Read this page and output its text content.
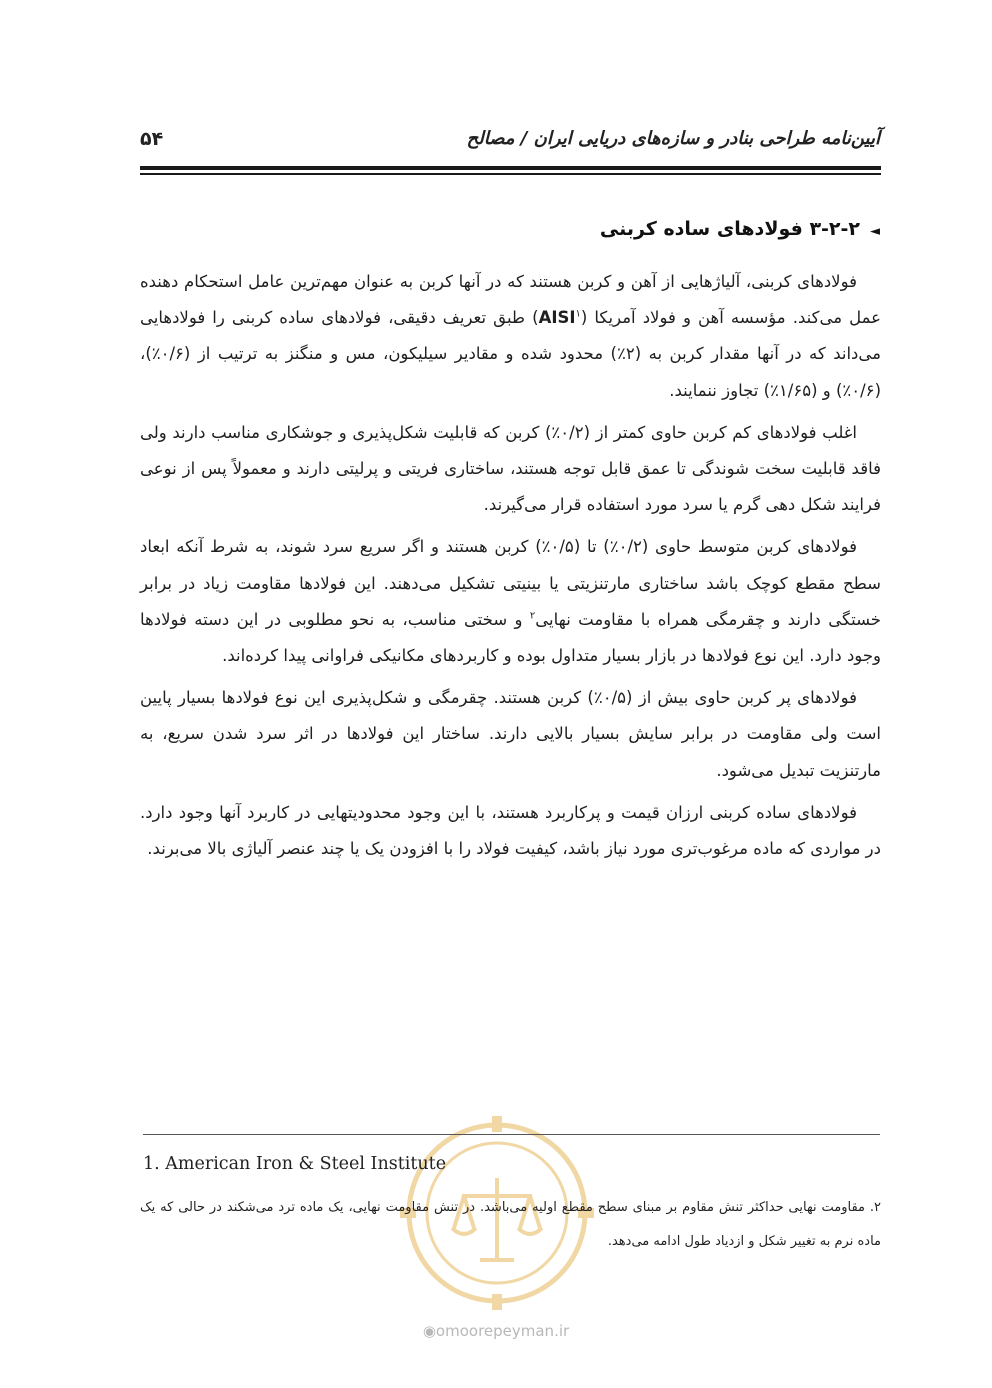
آیین‌نامه طراحی بنادر و سازه‌های دریایی ایران / مصالح
۵۴
◄۳-۲-۲ فولادهای ساده کربنی

فولادهای کربنی، آلیاژهایی از آهن و کربن هستند که در آنها کربن به عنوان مهم‌ترین عامل استحکام دهنده عمل می‌کند. مؤسسه آهن و فولاد آمریکا (AISI$^۱$) طبق تعریف دقیقی، فولادهای ساده کربنی را فولادهایی می‌داند که در آنها مقدار کربن به (۲٪) محدود شده و مقادیر سیلیکون، مس و منگنز به ترتیب از (۰/۶٪)، (۰/۶٪) و (۱/۶۵٪) تجاوز ننمایند.

اغلب فولادهای کم کربن حاوی کمتر از (۰/۲٪) کربن که قابلیت شکل‌پذیری و جوشکاری مناسب دارند ولی فاقد قابلیت سخت شوندگی تا عمق قابل توجه هستند، ساختاری فریتی و پرلیتی دارند و معمولاً پس از نوعی فرایند شکل دهی گرم یا سرد مورد استفاده قرار می‌گیرند.

فولادهای کربن متوسط حاوی (۰/۲٪) تا (۰/۵٪) کربن هستند و اگر سریع سرد شوند، به شرط آنکه ابعاد سطح مقطع کوچک باشد ساختاری مارتنزیتی یا بینیتی تشکیل می‌دهند. این فولادها مقاومت زیاد در برابر خستگی دارند و چقرمگی همراه با مقاومت نهایی$^۲$ و سختی مناسب، به نحو مطلوبی در این دسته فولادها وجود دارد. این نوع فولادها در بازار بسیار متداول بوده و کاربردهای مکانیکی فراوانی پیدا کرده‌اند.

فولادهای پر کربن حاوی بیش از (۰/۵٪) کربن هستند. چقرمگی و شکل‌پذیری این نوع فولادها بسیار پایین است ولی مقاومت در برابر سایش بسیار بالایی دارند. ساختار این فولادها در اثر سرد شدن سریع، به مارتنزیت تبدیل می‌شود.

فولادهای ساده کربنی ارزان قیمت و پرکاربرد هستند، با این وجود محدودیتهایی در کاربرد آنها وجود دارد. در مواردی که ماده مرغوب‌تری مورد نیاز باشد، کیفیت فولاد را با افزودن یک یا چند عنصر آلیاژی بالا می‌برند.

1. American Iron & Steel Institute
۲. مقاومت نهایی حداکثر تنش مقاوم بر مبنای سطح مقطع اولیه می‌باشد. در تنش مقاومت نهایی، یک ماده ترد می‌شکند در حالی که یک ماده نرم به تغییر شکل و ازدیاد طول ادامه می‌دهد.
◉omoorepeyman.ir
